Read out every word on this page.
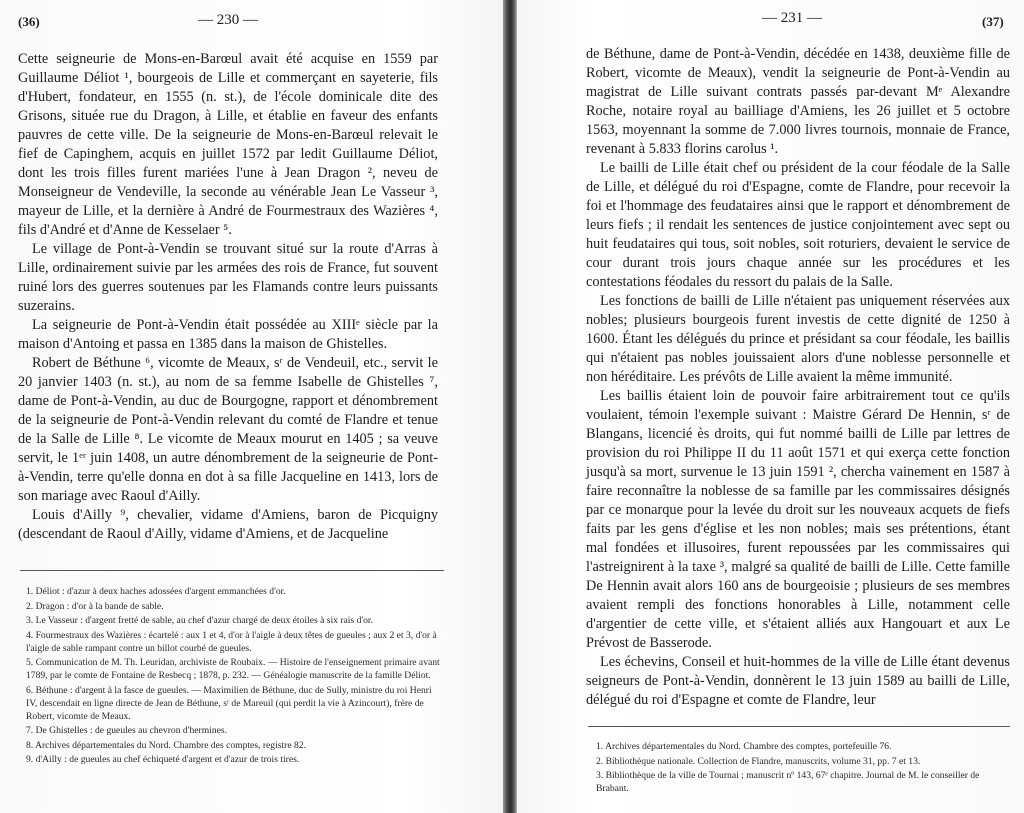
(36)	— 230 —

Cette seigneurie de Mons-en-Barœul avait été acquise en 1559 par Guillaume Déliot ¹, bourgeois de Lille et commerçant en sayeterie, fils d'Hubert, fondateur, en 1555 (n. st.), de l'école dominicale dite des Grisons, située rue du Dragon, à Lille, et établie en faveur des enfants pauvres de cette ville. De la seigneurie de Mons-en-Barœul relevait le fief de Capinghem, acquis en juillet 1572 par ledit Guillaume Déliot, dont les trois filles furent mariées l'une à Jean Dragon ², neveu de Monseigneur de Vendeville, la seconde au vénérable Jean Le Vasseur ³, mayeur de Lille, et la dernière à André de Fourmestraux des Wazières ⁴, fils d'André et d'Anne de Kesselaer ⁵.

Le village de Pont-à-Vendin se trouvant situé sur la route d'Arras à Lille, ordinairement suivie par les armées des rois de France, fut souvent ruiné lors des guerres soutenues par les Flamands contre leurs puissants suzerains.

La seigneurie de Pont-à-Vendin était possédée au XIIIᵉ siècle par la maison d'Antoing et passa en 1385 dans la maison de Ghistelles.

Robert de Béthune ⁶, vicomte de Meaux, sʳ de Vendeuil, etc., servit le 20 janvier 1403 (n. st.), au nom de sa femme Isabelle de Ghistelles ⁷, dame de Pont-à-Vendin, au duc de Bourgogne, rapport et dénombrement de la seigneurie de Pont-à-Vendin relevant du comté de Flandre et tenue de la Salle de Lille ⁸. Le vicomte de Meaux mourut en 1405 ; sa veuve servit, le 1ᵉʳ juin 1408, un autre dénombrement de la seigneurie de Pont-à-Vendin, terre qu'elle donna en dot à sa fille Jacqueline en 1413, lors de son mariage avec Raoul d'Ailly.

Louis d'Ailly ⁹, chevalier, vidame d'Amiens, baron de Picquigny (descendant de Raoul d'Ailly, vidame d'Amiens, et de Jacqueline

1. Déliot : d'azur à deux haches adossées d'argent emmanchées d'or.

2. Dragon : d'or à la bande de sable.

3. Le Vasseur : d'argent fretté de sable, au chef d'azur chargé de deux étoiles à six rais d'or.

4. Fourmestraux des Wazières : écartelé : aux 1 et 4, d'or à l'aigle à deux têtes de gueules ; aux 2 et 3, d'or à l'aigle de sable rampant contre un billot courbé de gueules.

5. Communication de M. Th. Leuridan, archiviste de Roubaix. — Histoire de l'enseignement primaire avant 1789, par le comte de Fontaine de Resbecq ; 1878, p. 232. — Généalogie manuscrite de la famille Déliot.

6. Béthune : d'argent à la fasce de gueules. — Maximilien de Béthune, duc de Sully, ministre du roi Henri IV, descendait en ligne directe de Jean de Béthune, sʳ de Mareuil (qui perdit la vie à Azincourt), frère de Robert, vicomte de Meaux.

7. De Ghistelles : de gueules au chevron d'hermines.

8. Archives départementales du Nord. Chambre des comptes, registre 82.

9. d'Ailly : de gueules au chef échiqueté d'argent et d'azur de trois tires.

— 231 —	(37)

de Béthune, dame de Pont-à-Vendin, décédée en 1438, deuxième fille de Robert, vicomte de Meaux), vendit la seigneurie de Pont-à-Vendin au magistrat de Lille suivant contrats passés par-devant Mᵉ Alexandre Roche, notaire royal au bailliage d'Amiens, les 26 juillet et 5 octobre 1563, moyennant la somme de 7.000 livres tournois, monnaie de France, revenant à 5.833 florins carolus ¹.

Le bailli de Lille était chef ou président de la cour féodale de la Salle de Lille, et délégué du roi d'Espagne, comte de Flandre, pour recevoir la foi et l'hommage des feudataires ainsi que le rapport et dénombrement de leurs fiefs ; il rendait les sentences de justice conjointement avec sept ou huit feudataires qui tous, soit nobles, soit roturiers, devaient le service de cour durant trois jours chaque année sur les procédures et les contestations féodales du ressort du palais de la Salle.

Les fonctions de bailli de Lille n'étaient pas uniquement réservées aux nobles; plusieurs bourgeois furent investis de cette dignité de 1250 à 1600. Étant les délégués du prince et présidant sa cour féodale, les baillis qui n'étaient pas nobles jouissaient alors d'une noblesse personnelle et non héréditaire. Les prévôts de Lille avaient la même immunité.

Les baillis étaient loin de pouvoir faire arbitrairement tout ce qu'ils voulaient, témoin l'exemple suivant : Maistre Gérard De Hennin, sʳ de Blangans, licencié ès droits, qui fut nommé bailli de Lille par lettres de provision du roi Philippe II du 11 août 1571 et qui exerça cette fonction jusqu'à sa mort, survenue le 13 juin 1591 ², chercha vainement en 1587 à faire reconnaître la noblesse de sa famille par les commissaires désignés par ce monarque pour la levée du droit sur les nouveaux acquets de fiefs faits par les gens d'église et les non nobles; mais ses prétentions, étant mal fondées et illusoires, furent repoussées par les commissaires qui l'astreignirent à la taxe ³, malgré sa qualité de bailli de Lille. Cette famille De Hennin avait alors 160 ans de bourgeoisie ; plusieurs de ses membres avaient rempli des fonctions honorables à Lille, notamment celle d'argentier de cette ville, et s'étaient alliés aux Hangouart et aux Le Prévost de Basserode.

Les échevins, Conseil et huit-hommes de la ville de Lille étant devenus seigneurs de Pont-à-Vendin, donnèrent le 13 juin 1589 au bailli de Lille, délégué du roi d'Espagne et comte de Flandre, leur

1. Archives départementales du Nord. Chambre des comptes, portefeuille 76.

2. Bibliothèque nationale. Collection de Flandre, manuscrits, volume 31, pp. 7 et 13.

3. Bibliothèque de la ville de Tournai ; manuscrit nº 143, 67ᵉ chapitre. Journal de M. le conseiller de Brabant.
